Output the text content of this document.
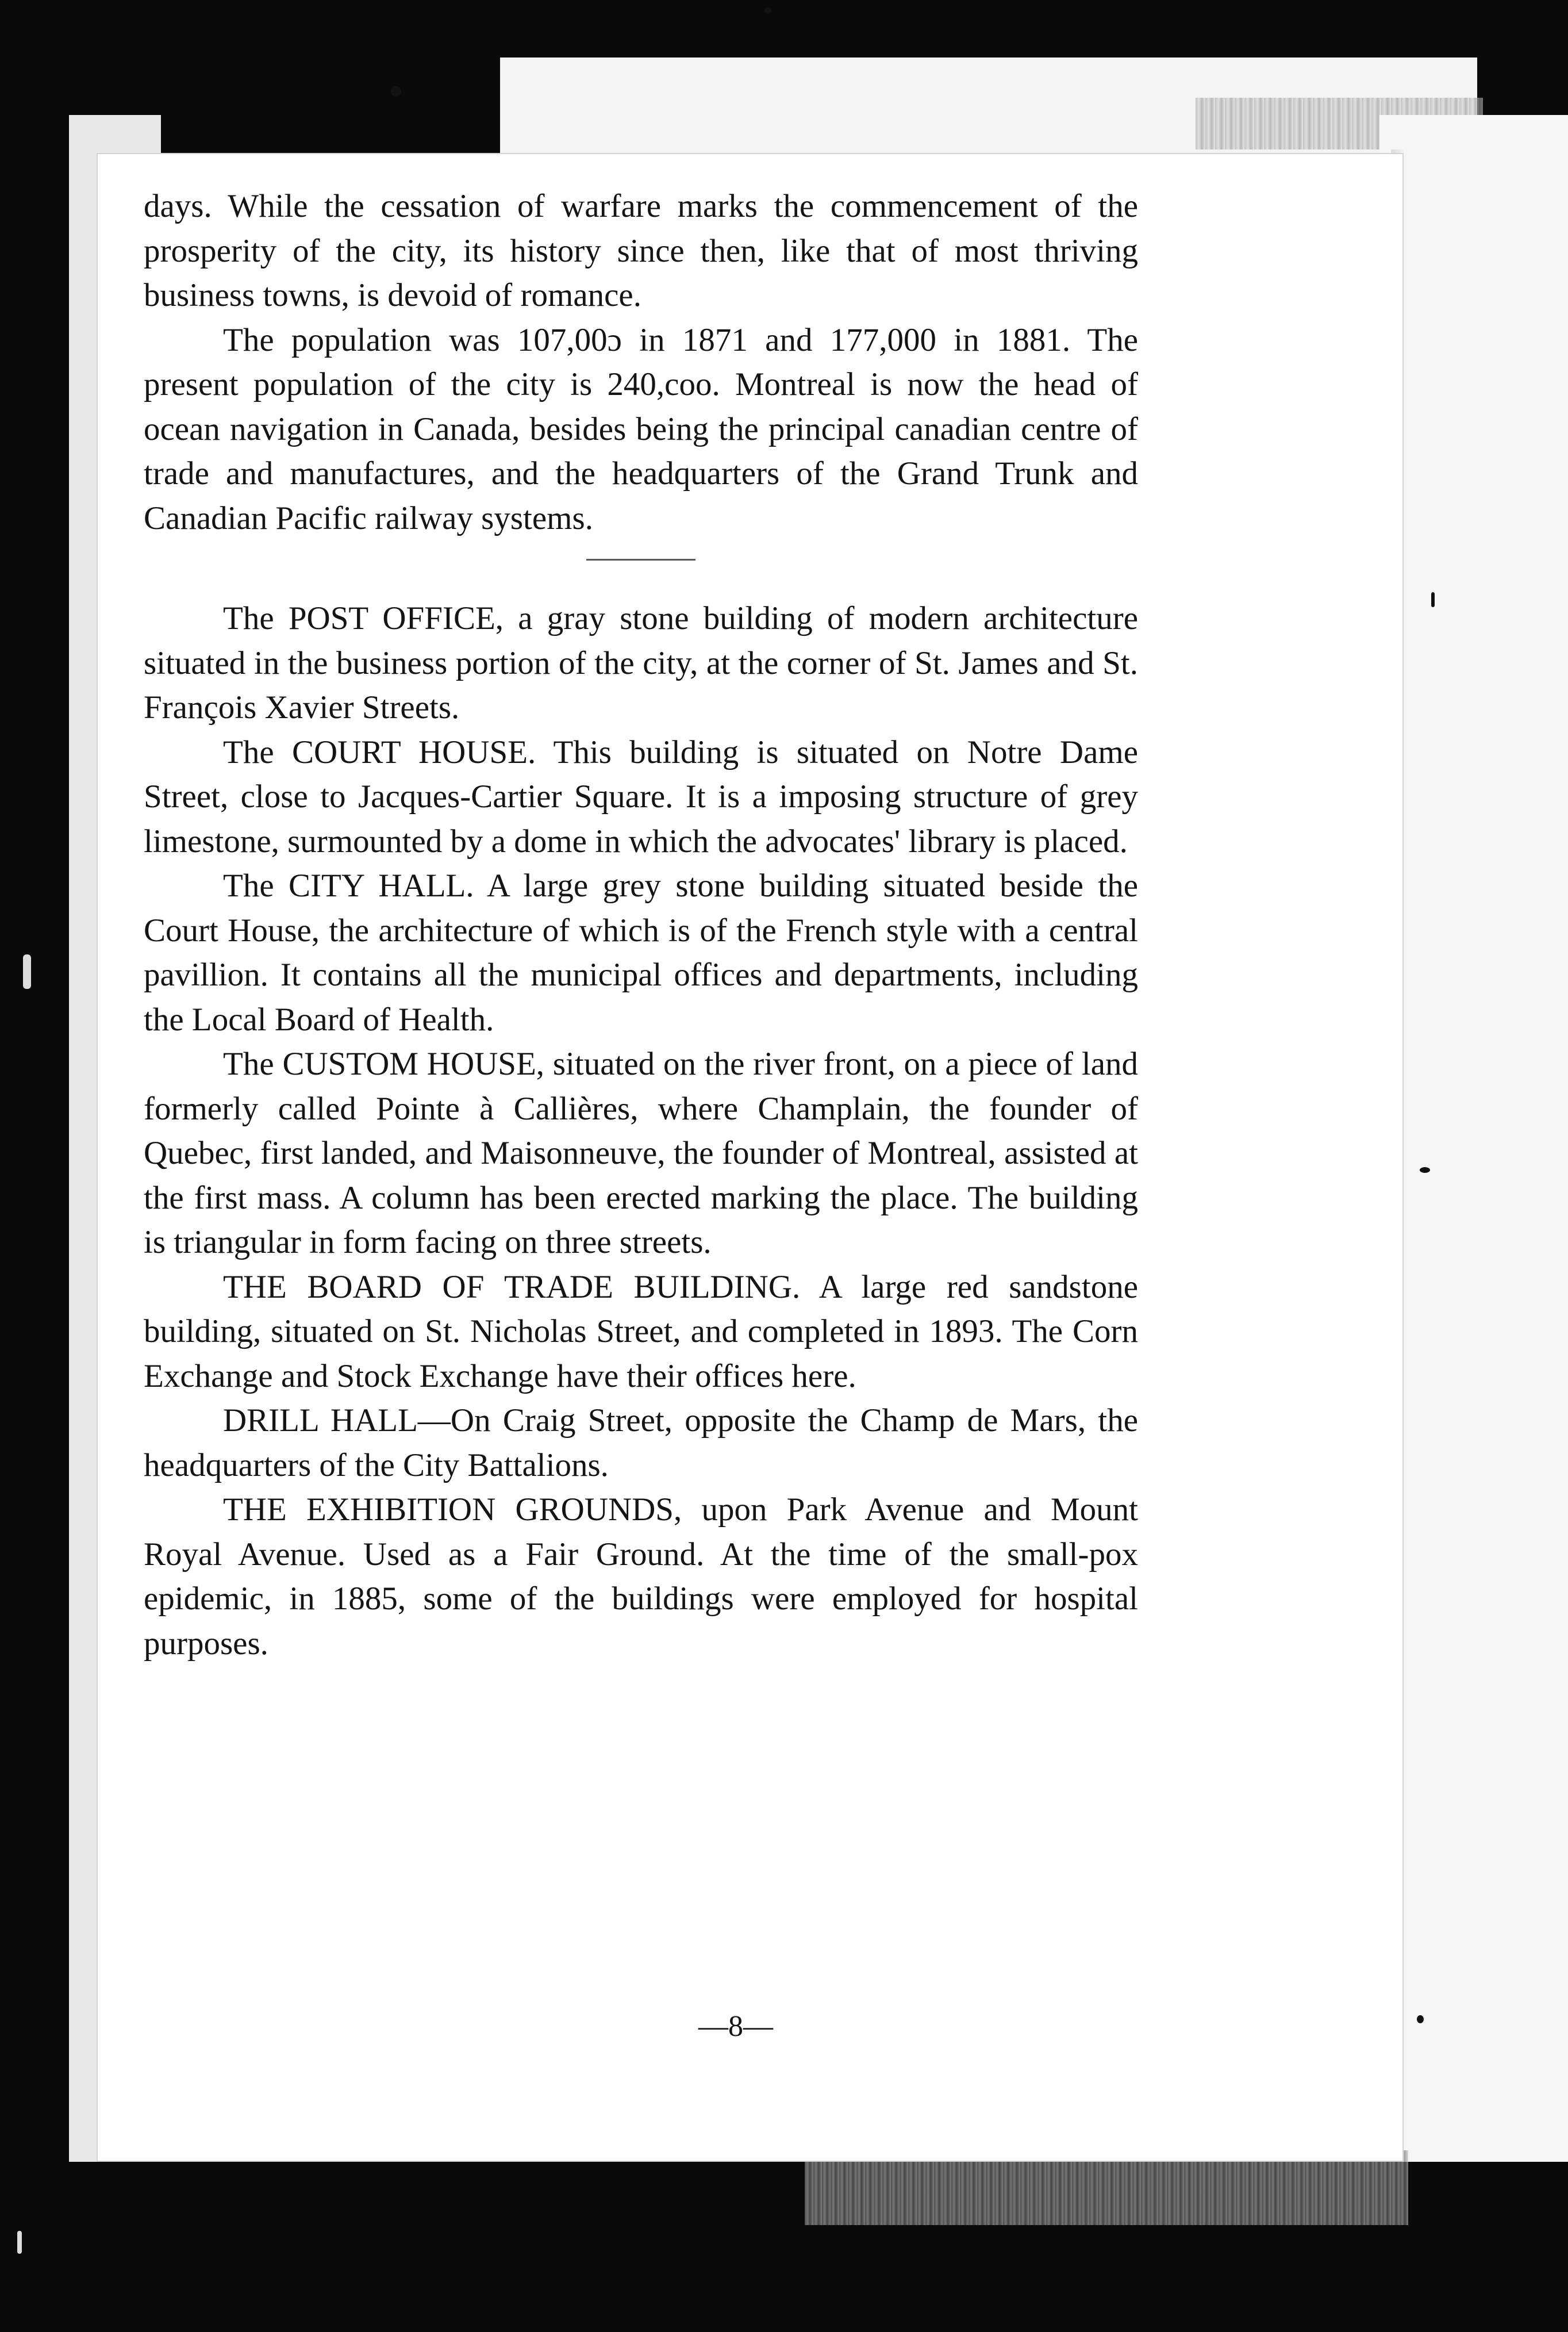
days. While the cessation of warfare marks the commencement of the prosperity of the city, its history since then, like that of most thriving business towns, is devoid of romance.

The population was 107,00ɔ in 1871 and 177,000 in 1881. The present population of the city is 240,coo. Montreal is now the head of ocean navigation in Canada, besides being the principal canadian centre of trade and manufactures, and the headquarters of the Grand Trunk and Canadian Pacific railway systems.

The POST OFFICE, a gray stone building of modern architecture situated in the business portion of the city, at the corner of St. James and St. François Xavier Streets.

The COURT HOUSE. This building is situated on Notre Dame Street, close to Jacques-Cartier Square. It is a imposing structure of grey limestone, surmounted by a dome in which the advocates' library is placed.

The CITY HALL. A large grey stone building situated beside the Court House, the architecture of which is of the French style with a central pavillion. It contains all the municipal offices and departments, including the Local Board of Health.

The CUSTOM HOUSE, situated on the river front, on a piece of land formerly called Pointe à Callières, where Champlain, the founder of Quebec, first landed, and Maisonneuve, the founder of Montreal, assisted at the first mass. A column has been erected marking the place. The building is triangular in form facing on three streets.

THE BOARD OF TRADE BUILDING. A large red sandstone building, situated on St. Nicholas Street, and completed in 1893. The Corn Exchange and Stock Exchange have their offices here.

DRILL HALL—On Craig Street, opposite the Champ de Mars, the headquarters of the City Battalions.

THE EXHIBITION GROUNDS, upon Park Avenue and Mount Royal Avenue. Used as a Fair Ground. At the time of the small-pox epidemic, in 1885, some of the buildings were employed for hospital purposes.

—8—
